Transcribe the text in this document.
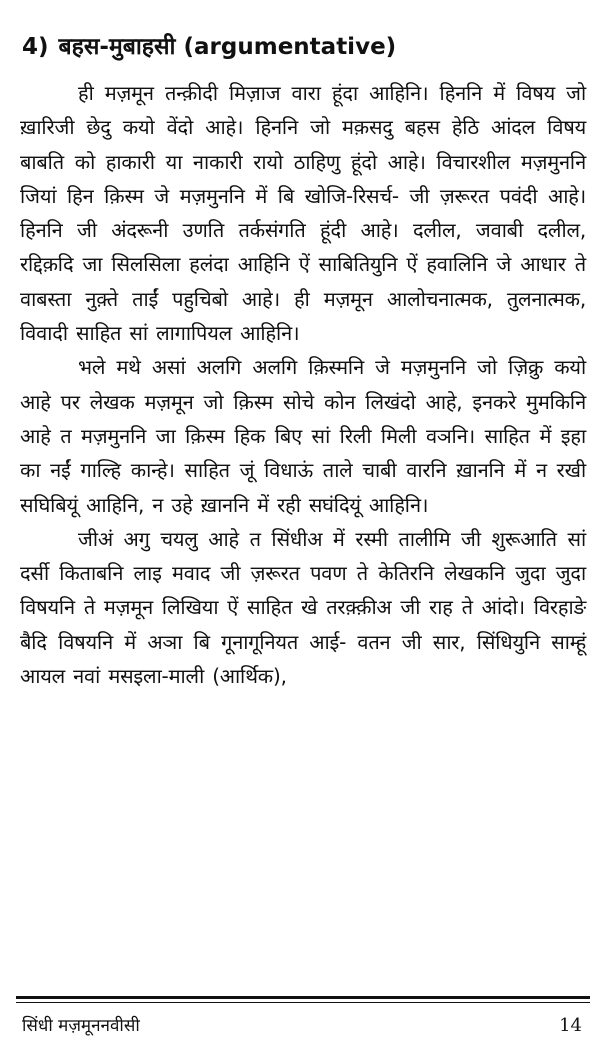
4) बहस-मुबाहसी (argumentative)

ही मज़मून तन्क़ीदी मिज़ाज वारा हूंदा आहिनि। हिननि में विषय जो ख़ारिजी छेदु कयो वेंदो आहे। हिननि जो मक़सदु बहस हेठि आंदल विषय बाबति को हाकारी या नाकारी रायो ठाहिणु हूंदो आहे। विचारशील मज़मुननि जियां हिन क़िस्म जे मज़मुननि में बि खोजि-रिसर्च- जी ज़रूरत पवंदी आहे। हिननि जी अंदरूनी उणति तर्कसंगति हूंदी आहे। दलील, जवाबी दलील, रद्दिक़दि जा सिलसिला हलंदा आहिनि ऐं साबितियुनि ऐं हवालिनि जे आधार ते वाबस्ता नुक़्ते ताईं पहुचिबो आहे। ही मज़मून आलोचनात्मक, तुलनात्मक, विवादी साहित सां लागापियल आहिनि।

भले मथे असां अलगि अलगि क़िस्मनि जे मज़मुननि जो ज़िक्रु कयो आहे पर लेखक मज़मून जो क़िस्म सोचे कोन लिखंदो आहे, इनकरे मुमकिनि आहे त मज़मुननि जा क़िस्म हिक बिए सां रिली मिली वञनि। साहित में इहा का नईं गाल्हि कान्हे। साहित जूं विधाऊं ताले चाबी वारनि ख़ाननि में न रखी सघिबियूं आहिनि, न उहे ख़ाननि में रही सघंदियूं आहिनि।

जीअं अगु चयलु आहे त सिंधीअ में रस्मी तालीमि जी शुरूआति सां दर्सी किताबनि लाइ मवाद जी ज़रूरत पवण ते केतिरनि लेखकनि जुदा जुदा विषयनि ते मज़मून लिखिया ऐं साहित खे तरक़्क़ीअ जी राह ते आंदो। विरहाङे बैदि विषयनि में अञा बि गूनागूनियत आई- वतन जी सार, सिंधियुनि साम्हूं आयल नवां मसइला-माली (आर्थिक),

सिंधी मज़मूननवीसी	14
